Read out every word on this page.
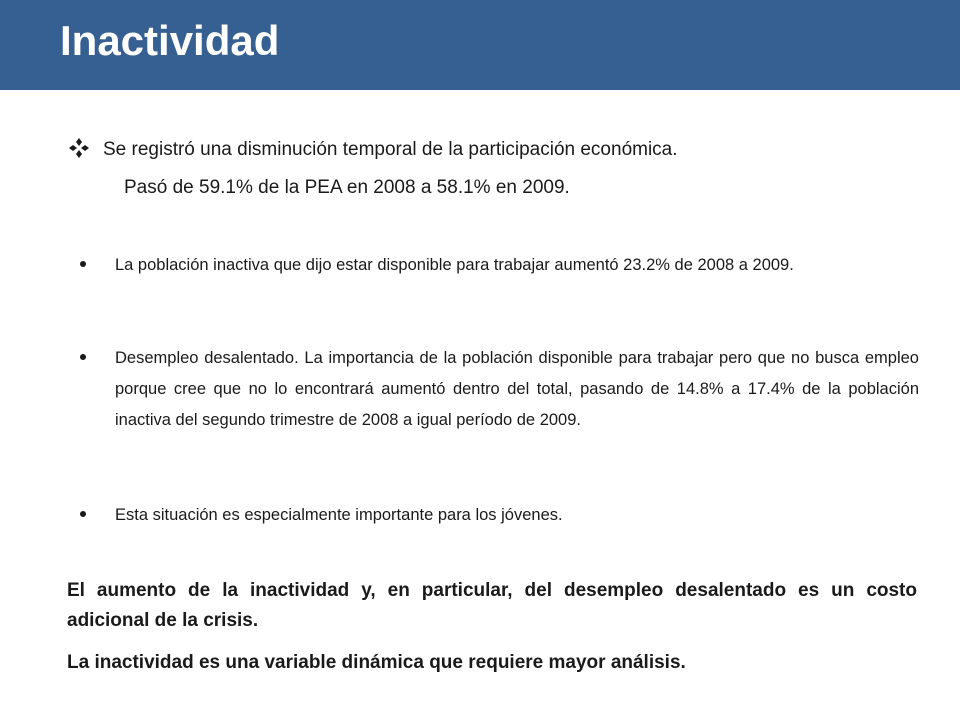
Inactividad

Se registró una disminución temporal de la participación económica.

Pasó de 59.1% de la PEA en 2008 a 58.1% en 2009.

La población inactiva que dijo estar disponible para trabajar aumentó 23.2% de 2008 a 2009.

Desempleo desalentado. La importancia de la población disponible para trabajar pero que no busca empleo porque cree que no lo encontrará aumentó dentro del total, pasando de 14.8% a 17.4% de la población inactiva del segundo trimestre de 2008 a igual período de 2009.

Esta situación es especialmente importante para los jóvenes.

El aumento de la inactividad y, en particular, del desempleo desalentado es un costo adicional de la crisis.

La inactividad es una variable dinámica que requiere mayor análisis.
